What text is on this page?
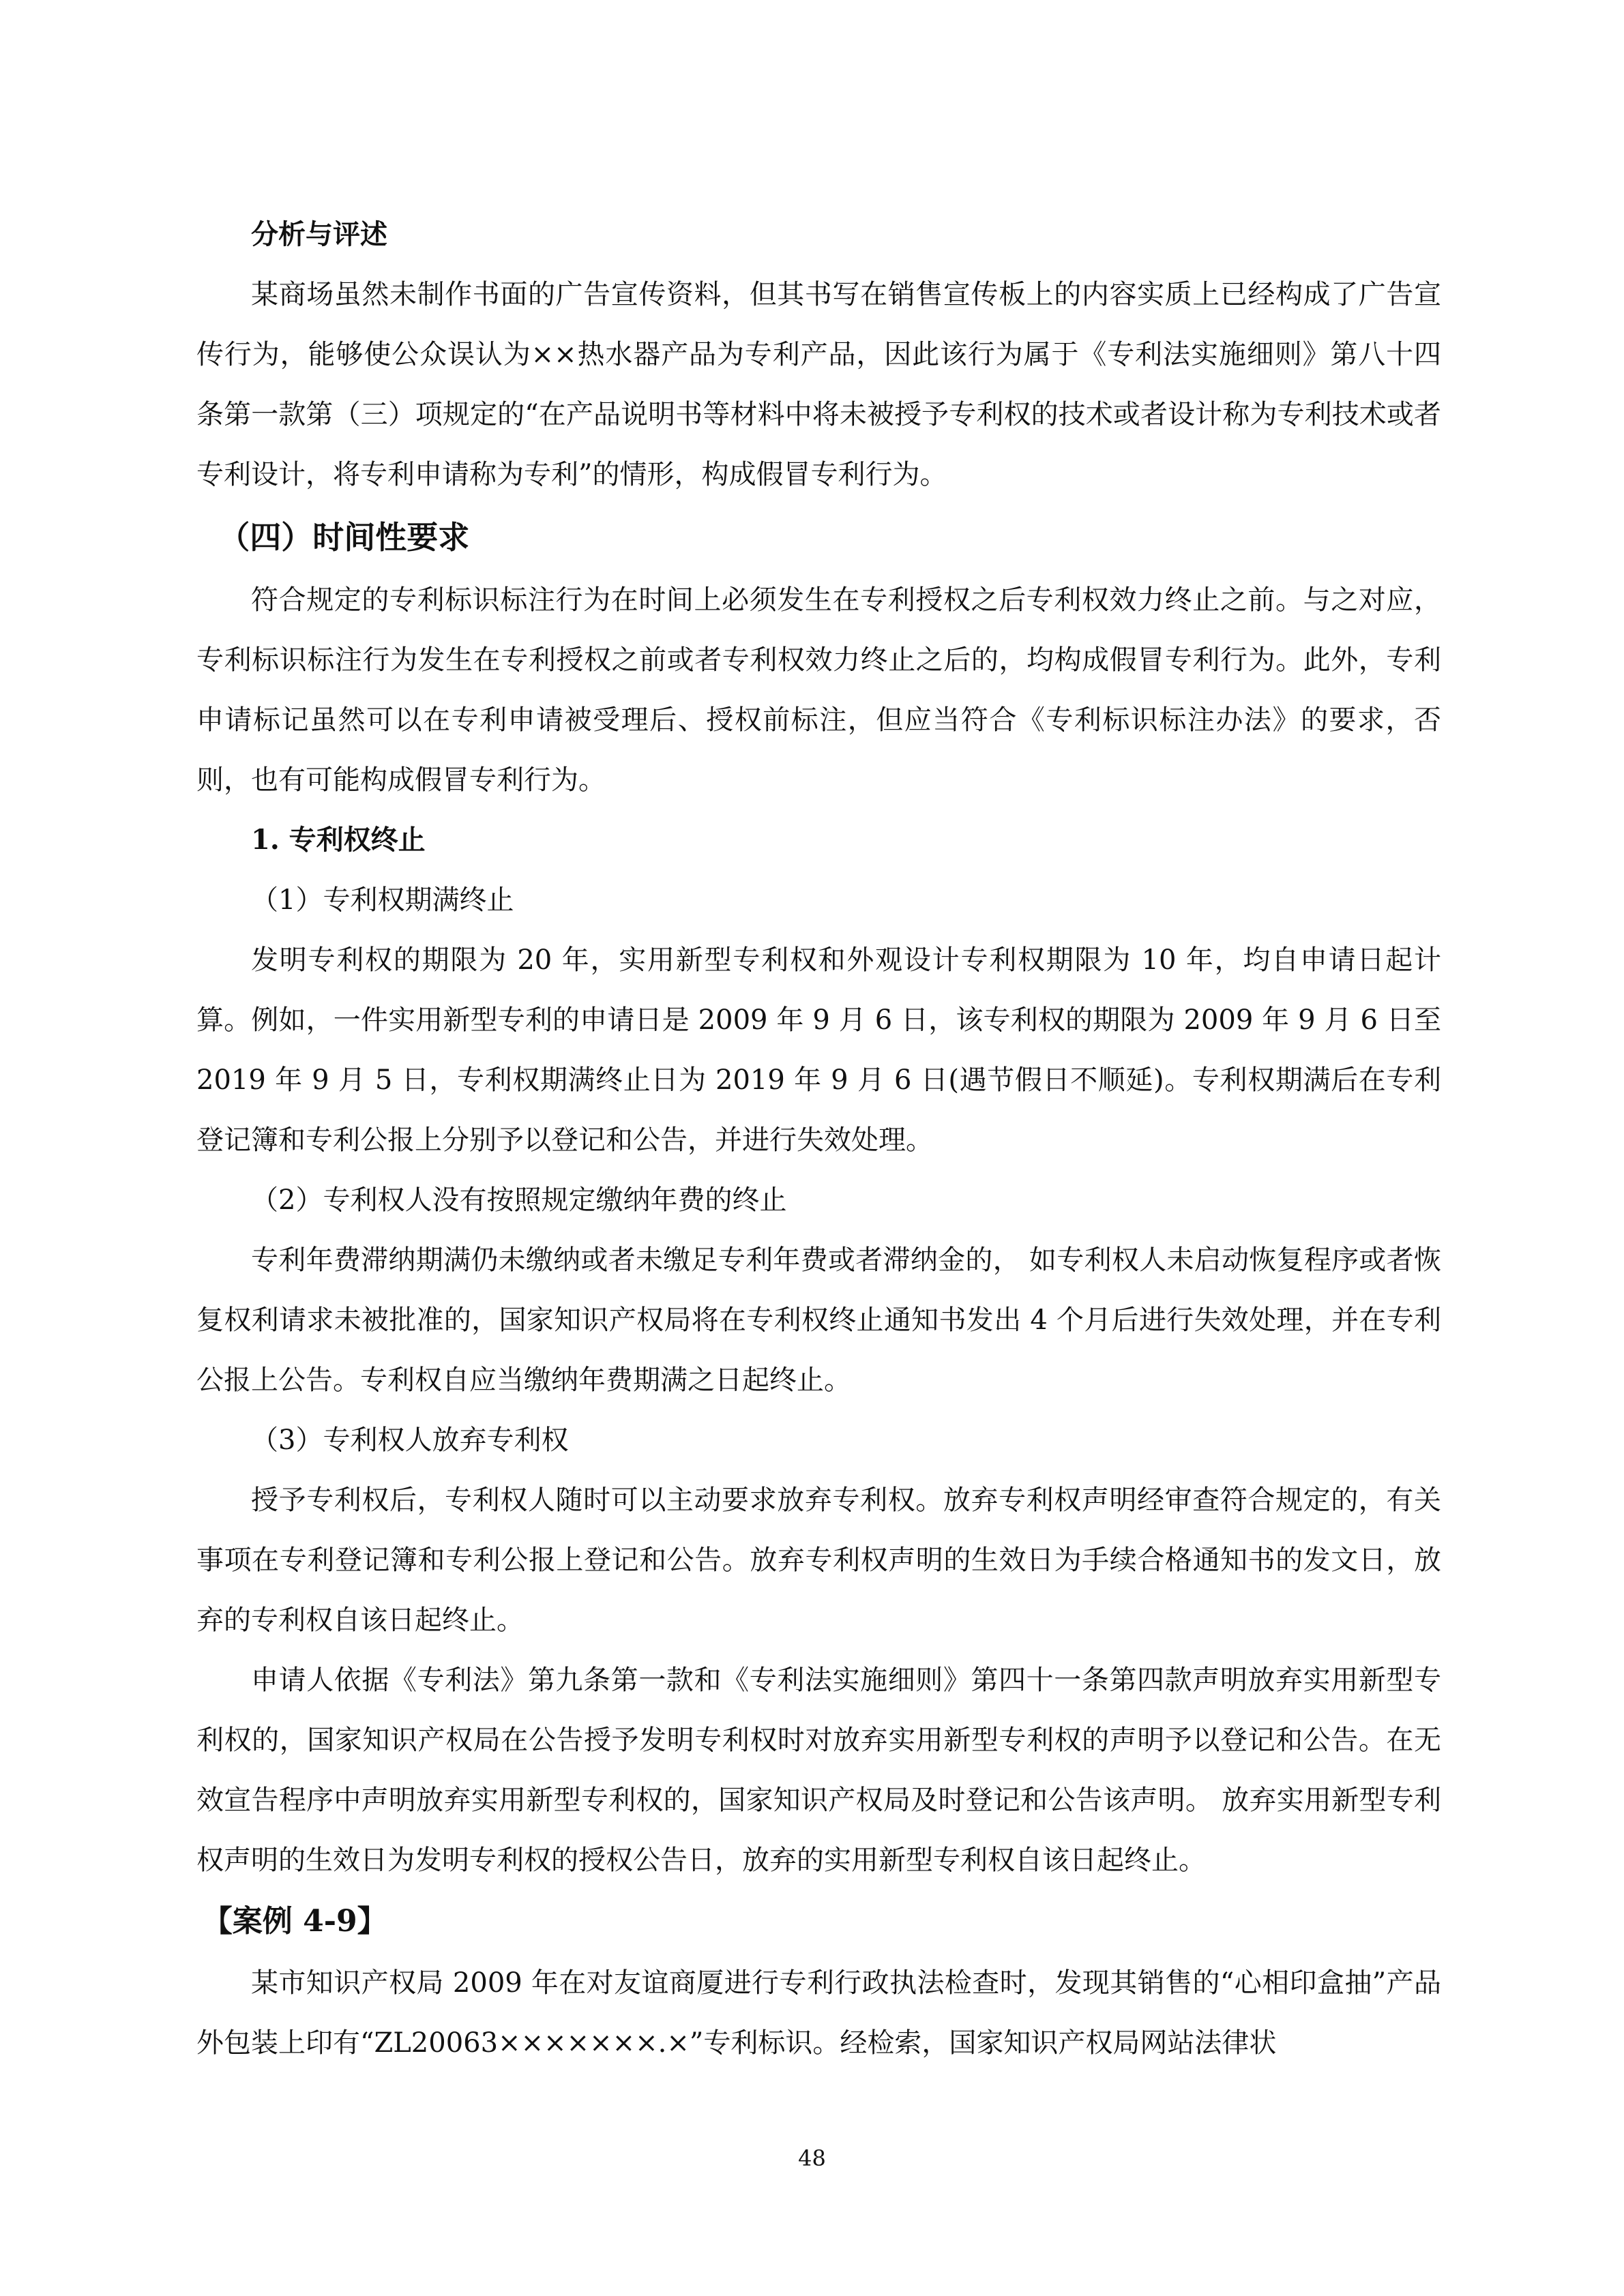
分析与评述

某商场虽然未制作书面的广告宣传资料，但其书写在销售宣传板上的内容实质上已经构成了广告宣传行为，能够使公众误认为××热水器产品为专利产品，因此该行为属于《专利法实施细则》第八十四条第一款第（三）项规定的“在产品说明书等材料中将未被授予专利权的技术或者设计称为专利技术或者专利设计，将专利申请称为专利”的情形，构成假冒专利行为。

（四）时间性要求

符合规定的专利标识标注行为在时间上必须发生在专利授权之后专利权效力终止之前。与之对应，专利标识标注行为发生在专利授权之前或者专利权效力终止之后的，均构成假冒专利行为。此外，专利申请标记虽然可以在专利申请被受理后、授权前标注，但应当符合《专利标识标注办法》的要求，否则，也有可能构成假冒专利行为。

1. 专利权终止

（1）专利权期满终止

发明专利权的期限为 20 年，实用新型专利权和外观设计专利权期限为 10 年，均自申请日起计算。例如，一件实用新型专利的申请日是 2009 年 9 月 6 日，该专利权的期限为 2009 年 9 月 6 日至 2019 年 9 月 5 日，专利权期满终止日为 2019 年 9 月 6 日(遇节假日不顺延)。专利权期满后在专利登记簿和专利公报上分别予以登记和公告，并进行失效处理。

（2）专利权人没有按照规定缴纳年费的终止

专利年费滞纳期满仍未缴纳或者未缴足专利年费或者滞纳金的， 如专利权人未启动恢复程序或者恢复权利请求未被批准的，国家知识产权局将在专利权终止通知书发出 4 个月后进行失效处理，并在专利公报上公告。专利权自应当缴纳年费期满之日起终止。

（3）专利权人放弃专利权

授予专利权后，专利权人随时可以主动要求放弃专利权。放弃专利权声明经审查符合规定的，有关事项在专利登记簿和专利公报上登记和公告。放弃专利权声明的生效日为手续合格通知书的发文日，放弃的专利权自该日起终止。

申请人依据《专利法》第九条第一款和《专利法实施细则》第四十一条第四款声明放弃实用新型专利权的，国家知识产权局在公告授予发明专利权时对放弃实用新型专利权的声明予以登记和公告。在无效宣告程序中声明放弃实用新型专利权的，国家知识产权局及时登记和公告该声明。 放弃实用新型专利权声明的生效日为发明专利权的授权公告日，放弃的实用新型专利权自该日起终止。

【案例 4-9】

某市知识产权局 2009 年在对友谊商厦进行专利行政执法检查时，发现其销售的“心相印盒抽”产品外包装上印有“ZL20063×××××××.×”专利标识。经检索，国家知识产权局网站法律状

48
